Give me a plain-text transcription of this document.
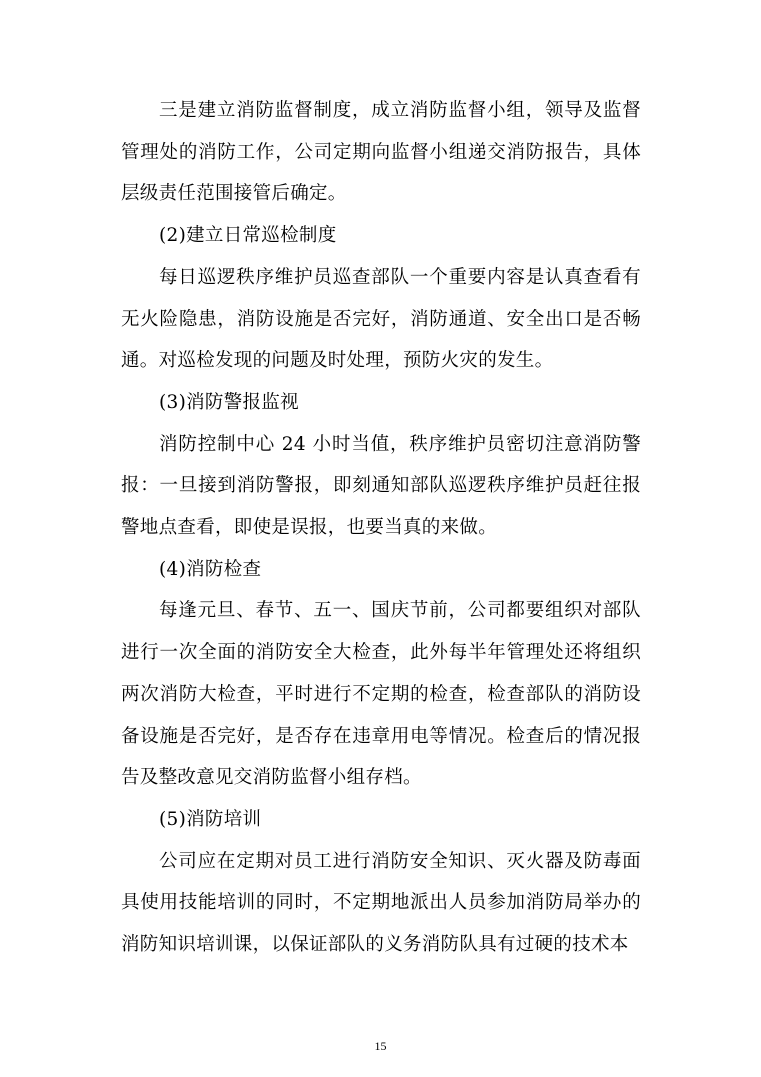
三是建立消防监督制度，成立消防监督小组，领导及监督管理处的消防工作，公司定期向监督小组递交消防报告，具体层级责任范围接管后确定。

(2)建立日常巡检制度

每日巡逻秩序维护员巡查部队一个重要内容是认真查看有无火险隐患，消防设施是否完好，消防通道、安全出口是否畅通。对巡检发现的问题及时处理，预防火灾的发生。

(3)消防警报监视

消防控制中心 24 小时当值，秩序维护员密切注意消防警报：一旦接到消防警报，即刻通知部队巡逻秩序维护员赶往报警地点查看，即使是误报，也要当真的来做。

(4)消防检查

每逢元旦、春节、五一、国庆节前，公司都要组织对部队进行一次全面的消防安全大检查，此外每半年管理处还将组织两次消防大检查，平时进行不定期的检查，检查部队的消防设备设施是否完好，是否存在违章用电等情况。检查后的情况报告及整改意见交消防监督小组存档。

(5)消防培训

公司应在定期对员工进行消防安全知识、灭火器及防毒面具使用技能培训的同时，不定期地派出人员参加消防局举办的消防知识培训课，以保证部队的义务消防队具有过硬的技术本

15
